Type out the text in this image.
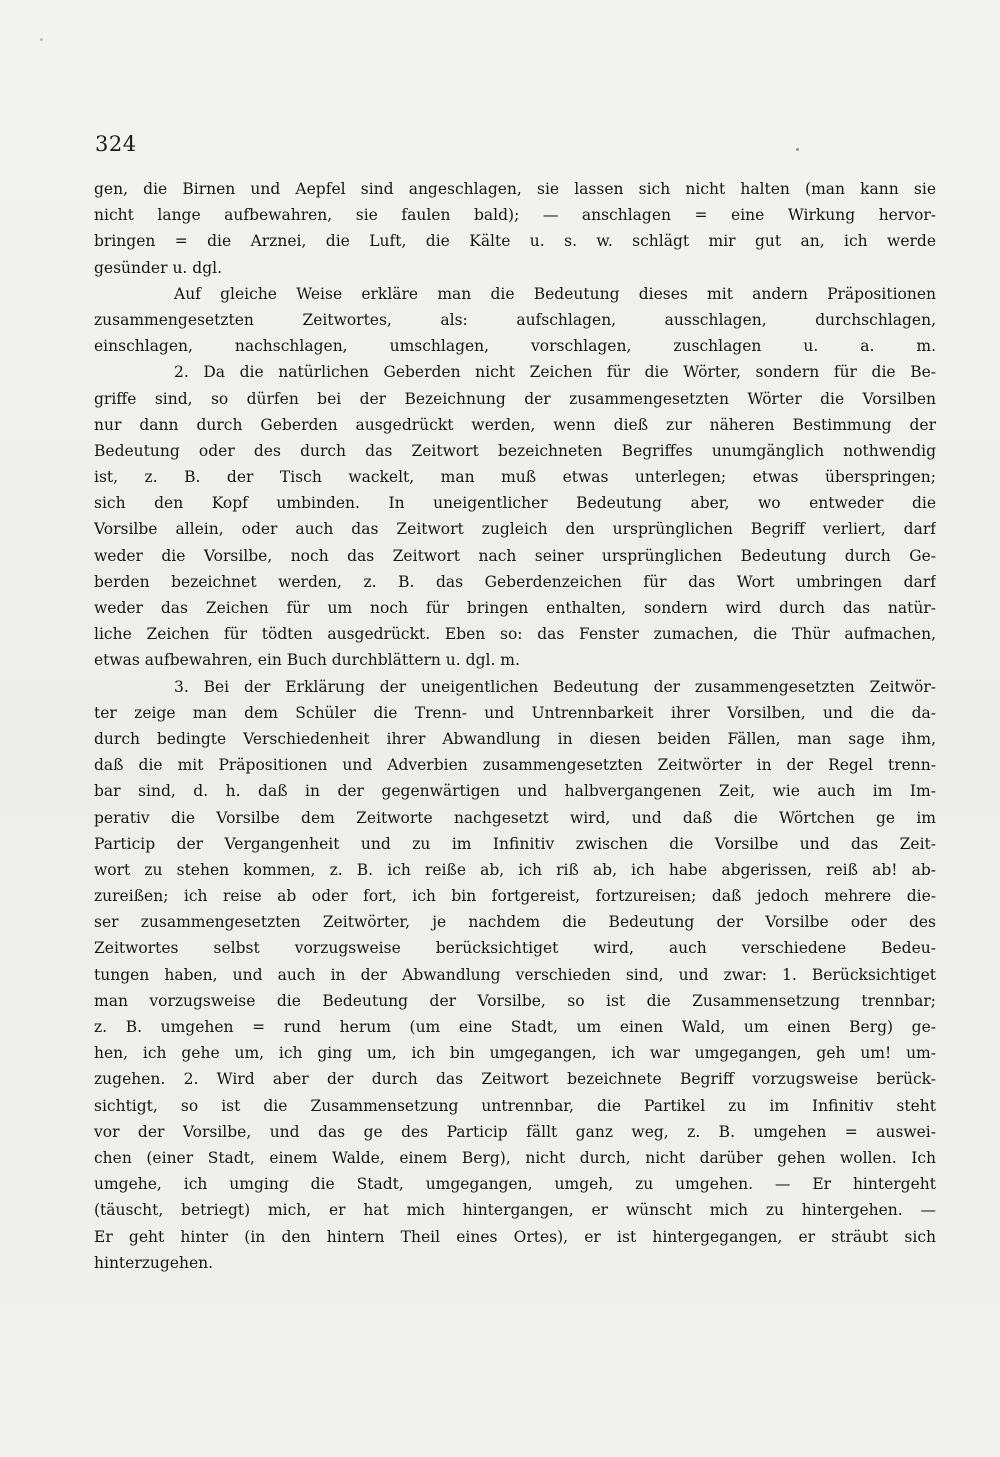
324
gen, die Birnen und Aepfel sind angeschlagen, sie lassen sich nicht halten (man kann sie
nicht lange aufbewahren, sie faulen bald); — anschlagen = eine Wirkung hervor-
bringen = die Arznei, die Luft, die Kälte u. s. w. schlägt mir gut an, ich werde
gesünder u. dgl.
Auf gleiche Weise erkläre man die Bedeutung dieses mit andern Präpositionen
zusammengesetzten Zeitwortes, als: aufschlagen, ausschlagen, durchschlagen,
einschlagen, nachschlagen, umschlagen, vorschlagen, zuschlagen u. a. m.
2. Da die natürlichen Geberden nicht Zeichen für die Wörter, sondern für die Be-
griffe sind, so dürfen bei der Bezeichnung der zusammengesetzten Wörter die Vorsilben
nur dann durch Geberden ausgedrückt werden, wenn dieß zur näheren Bestimmung der
Bedeutung oder des durch das Zeitwort bezeichneten Begriffes unumgänglich nothwendig
ist, z. B. der Tisch wackelt, man muß etwas unterlegen; etwas überspringen;
sich den Kopf umbinden. In uneigentlicher Bedeutung aber, wo entweder die
Vorsilbe allein, oder auch das Zeitwort zugleich den ursprünglichen Begriff verliert, darf
weder die Vorsilbe, noch das Zeitwort nach seiner ursprünglichen Bedeutung durch Ge-
berden bezeichnet werden, z. B. das Geberdenzeichen für das Wort umbringen darf
weder das Zeichen für um noch für bringen enthalten, sondern wird durch das natür-
liche Zeichen für tödten ausgedrückt. Eben so: das Fenster zumachen, die Thür aufmachen,
etwas aufbewahren, ein Buch durchblättern u. dgl. m.
3. Bei der Erklärung der uneigentlichen Bedeutung der zusammengesetzten Zeitwör-
ter zeige man dem Schüler die Trenn- und Untrennbarkeit ihrer Vorsilben, und die da-
durch bedingte Verschiedenheit ihrer Abwandlung in diesen beiden Fällen, man sage ihm,
daß die mit Präpositionen und Adverbien zusammengesetzten Zeitwörter in der Regel trenn-
bar sind, d. h. daß in der gegenwärtigen und halbvergangenen Zeit, wie auch im Im-
perativ die Vorsilbe dem Zeitworte nachgesetzt wird, und daß die Wörtchen ge im
Particip der Vergangenheit und zu im Infinitiv zwischen die Vorsilbe und das Zeit-
wort zu stehen kommen, z. B. ich reiße ab, ich riß ab, ich habe abgerissen, reiß ab! ab-
zureißen; ich reise ab oder fort, ich bin fortgereist, fortzureisen; daß jedoch mehrere die-
ser zusammengesetzten Zeitwörter, je nachdem die Bedeutung der Vorsilbe oder des
Zeitwortes selbst vorzugsweise berücksichtiget wird, auch verschiedene Bedeu-
tungen haben, und auch in der Abwandlung verschieden sind, und zwar: 1. Berücksichtiget
man vorzugsweise die Bedeutung der Vorsilbe, so ist die Zusammensetzung trennbar;
z. B. umgehen = rund herum (um eine Stadt, um einen Wald, um einen Berg) ge-
hen, ich gehe um, ich ging um, ich bin umgegangen, ich war umgegangen, geh um! um-
zugehen. 2. Wird aber der durch das Zeitwort bezeichnete Begriff vorzugsweise berück-
sichtigt, so ist die Zusammensetzung untrennbar, die Partikel zu im Infinitiv steht
vor der Vorsilbe, und das ge des Particip fällt ganz weg, z. B. umgehen = auswei-
chen (einer Stadt, einem Walde, einem Berg), nicht durch, nicht darüber gehen wollen. Ich
umgehe, ich umging die Stadt, umgegangen, umgeh, zu umgehen. — Er hintergeht
(täuscht, betriegt) mich, er hat mich hintergangen, er wünscht mich zu hintergehen. —
Er geht hinter (in den hintern Theil eines Ortes), er ist hintergegangen, er sträubt sich
hinterzugehen.
